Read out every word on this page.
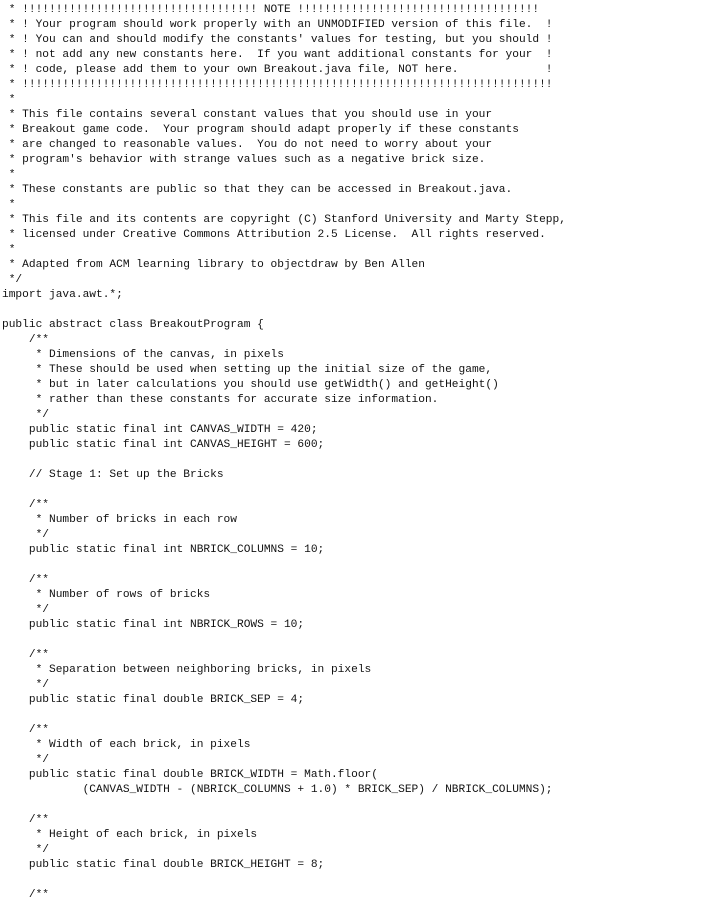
* !!!!!!!!!!!!!!!!!!!!!!!!!!!!!!!!!!! NOTE !!!!!!!!!!!!!!!!!!!!!!!!!!!!!!!!!!!!
* ! Your program should work properly with an UNMODIFIED version of this file.  !
* ! You can and should modify the constants' values for testing, but you should !
* ! not add any new constants here.  If you want additional constants for your  !
* ! code, please add them to your own Breakout.java file, NOT here.             !
* !!!!!!!!!!!!!!!!!!!!!!!!!!!!!!!!!!!!!!!!!!!!!!!!!!!!!!!!!!!!!!!!!!!!!!!!!!!!!!!
*
* This file contains several constant values that you should use in your
* Breakout game code.  Your program should adapt properly if these constants
* are changed to reasonable values.  You do not need to worry about your
* program's behavior with strange values such as a negative brick size.
*
* These constants are public so that they can be accessed in Breakout.java.
*
* This file and its contents are copyright (C) Stanford University and Marty Stepp,
* licensed under Creative Commons Attribution 2.5 License.  All rights reserved.
*
* Adapted from ACM learning library to objectdraw by Ben Allen
*/
import java.awt.*;
public abstract class BreakoutProgram {
/**
* Dimensions of the canvas, in pixels
* These should be used when setting up the initial size of the game,
* but in later calculations you should use getWidth() and getHeight()
* rather than these constants for accurate size information.
*/
public static final int CANVAS_WIDTH = 420;
public static final int CANVAS_HEIGHT = 600;
// Stage 1: Set up the Bricks
/**
* Number of bricks in each row
*/
public static final int NBRICK_COLUMNS = 10;
/**
* Number of rows of bricks
*/
public static final int NBRICK_ROWS = 10;
/**
* Separation between neighboring bricks, in pixels
*/
public static final double BRICK_SEP = 4;
/**
* Width of each brick, in pixels
*/
public static final double BRICK_WIDTH = Math.floor(
(CANVAS_WIDTH - (NBRICK_COLUMNS + 1.0) * BRICK_SEP) / NBRICK_COLUMNS);
/**
* Height of each brick, in pixels
*/
public static final double BRICK_HEIGHT = 8;
/**
